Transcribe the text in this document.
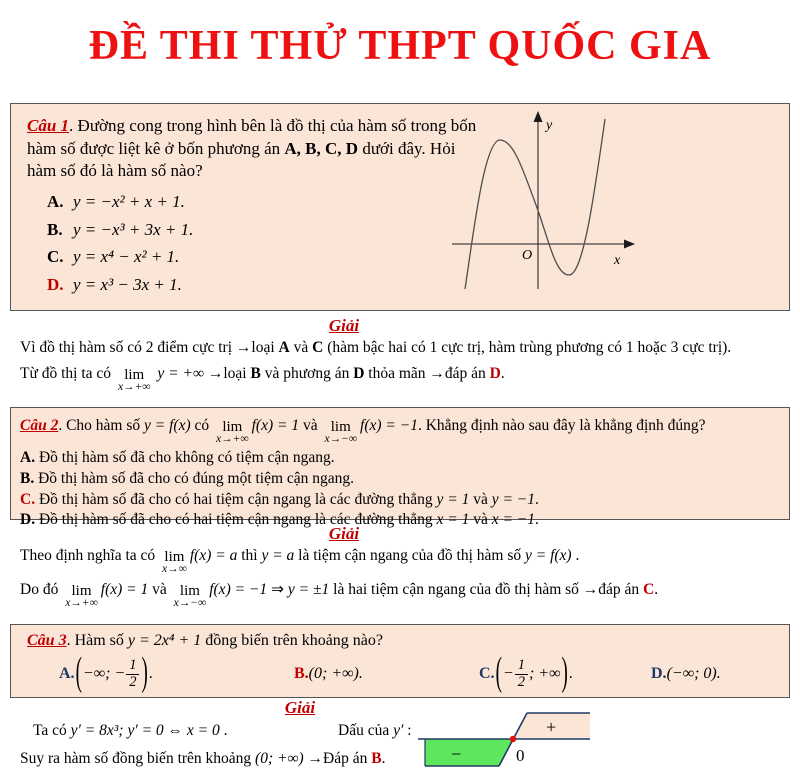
ĐỀ THI THỬ THPT QUỐC GIA
Câu 1. Đường cong trong hình bên là đồ thị của hàm số trong bốn hàm số được liệt kê ở bốn phương án A, B, C, D dưới đây. Hỏi hàm số đó là hàm số nào?
A. y = −x² + x + 1.
B. y = −x³ + 3x + 1.
C. y = x⁴ − x² + 1.
D. y = x³ − 3x + 1.
y
x
O
Giải

Vì đồ thị hàm số có 2 điểm cực trị →loại A và C (hàm bậc hai có 1 cực trị, hàm trùng phương có 1 hoặc 3 cực trị).

Từ đồ thị ta có lim
x→+∞
y = +∞ →loại B và phương án D thỏa mãn →đáp án D.

Câu 2. Cho hàm số y = f(x) có lim
x→+∞
f(x) = 1 và lim
x→−∞
f(x) = −1. Khẳng định nào sau đây là khẳng định đúng?
A. Đồ thị hàm số đã cho không có tiệm cận ngang.
B. Đồ thị hàm số đã cho có đúng một tiệm cận ngang.
C. Đồ thị hàm số đã cho có hai tiệm cận ngang là các đường thẳng y = 1 và y = −1.
D. Đồ thị hàm số đã cho có hai tiệm cận ngang là các đường thẳng x = 1 và x = −1.
Giải

Theo định nghĩa ta có lim
x→∞
f(x) = a thì y = a là tiệm cận ngang của đồ thị hàm số y = f(x) .

Do đó lim
x→+∞
f(x) = 1 và lim
x→−∞
f(x) = −1 ⇒ y = ±1 là hai tiệm cận ngang của đồ thị hàm số →đáp án C.

Câu 3. Hàm số y = 2x⁴ + 1 đồng biến trên khoảng nào?
A. ( −∞; − $\frac{1}{2}$ ) .	B. (0; +∞).	C. ( − $\frac{1}{2}$ ; +∞ ) .	D. (−∞; 0).
Giải

Ta có y′ = 8x³; y′ = 0 ⇔ x = 0 .	Dấu của y′ :

Suy ra hàm số đồng biến trên khoảng (0; +∞) →Đáp án B.	−
+
0
